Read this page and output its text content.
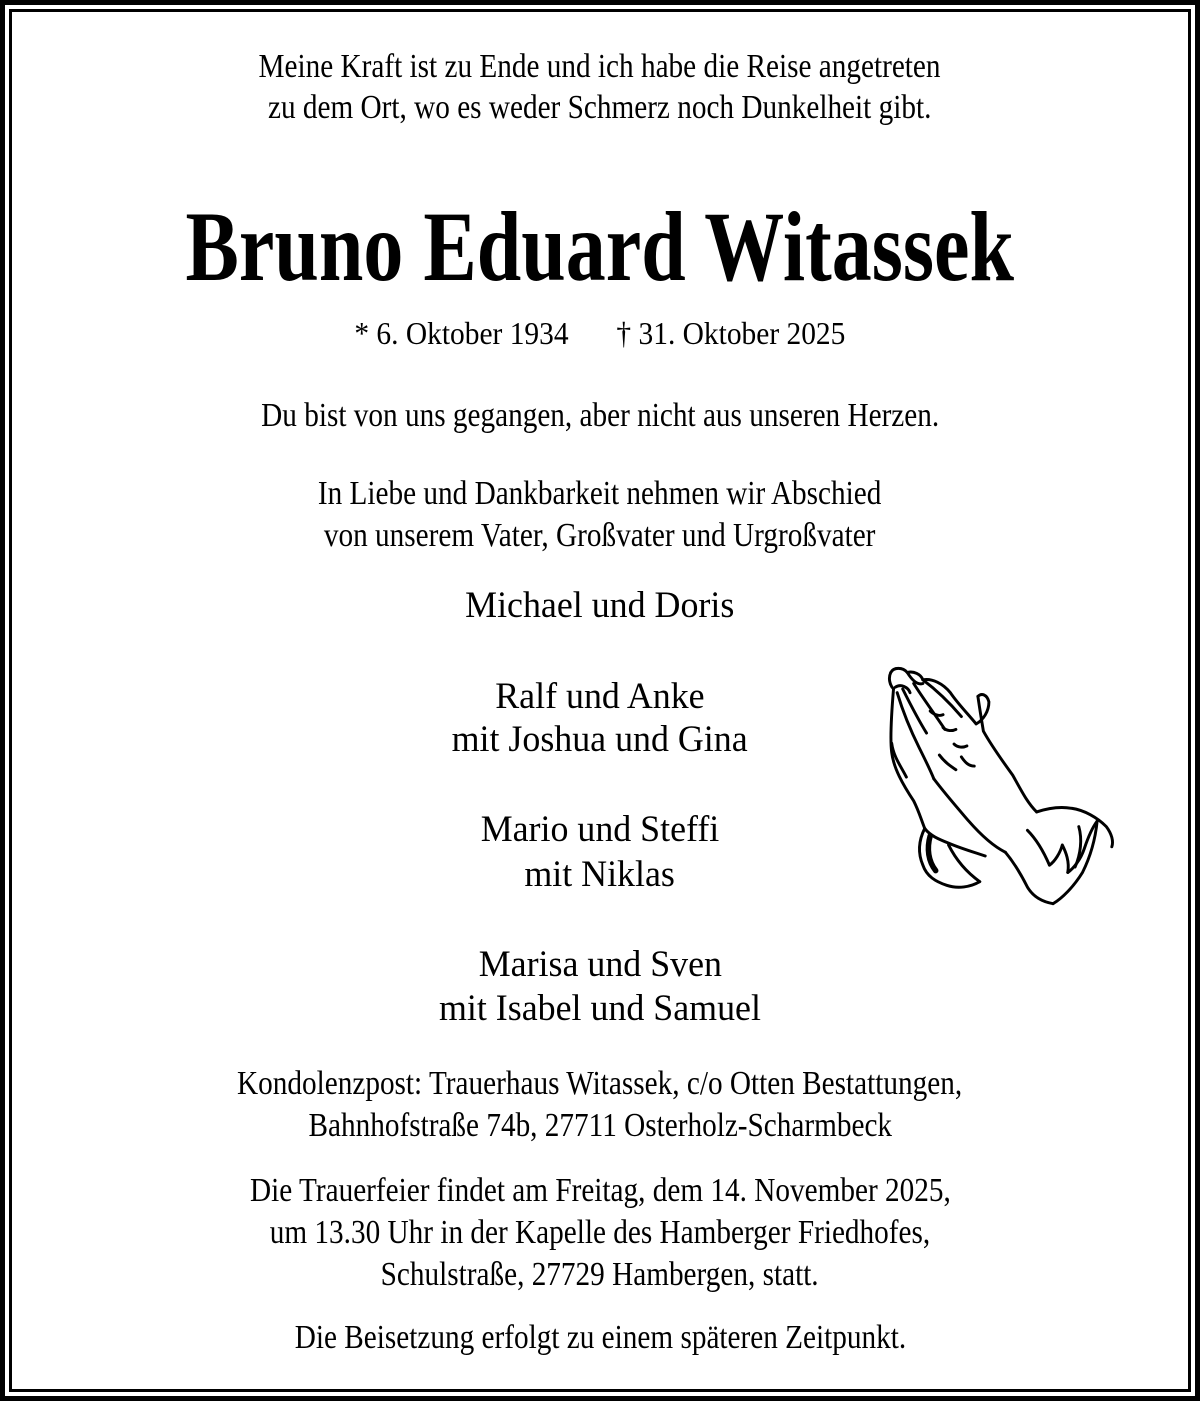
Meine Kraft ist zu Ende und ich habe die Reise angetreten
zu dem Ort, wo es weder Schmerz noch Dunkelheit gibt.
Bruno Eduard Witassek
* 6. Oktober 1934 † 31. Oktober 2025
Du bist von uns gegangen, aber nicht aus unseren Herzen.
In Liebe und Dankbarkeit nehmen wir Abschied
von unserem Vater, Großvater und Urgroßvater
Michael und Doris
Ralf und Anke
mit Joshua und Gina
Mario und Steffi
mit Niklas
Marisa und Sven
mit Isabel und Samuel
Kondolenzpost: Trauerhaus Witassek, c/o Otten Bestattungen,
Bahnhofstraße 74b, 27711 Osterholz-Scharmbeck
Die Trauerfeier findet am Freitag, dem 14. November 2025,
um 13.30 Uhr in der Kapelle des Hamberger Friedhofes,
Schulstraße, 27729 Hambergen, statt.
Die Beisetzung erfolgt zu einem späteren Zeitpunkt.
